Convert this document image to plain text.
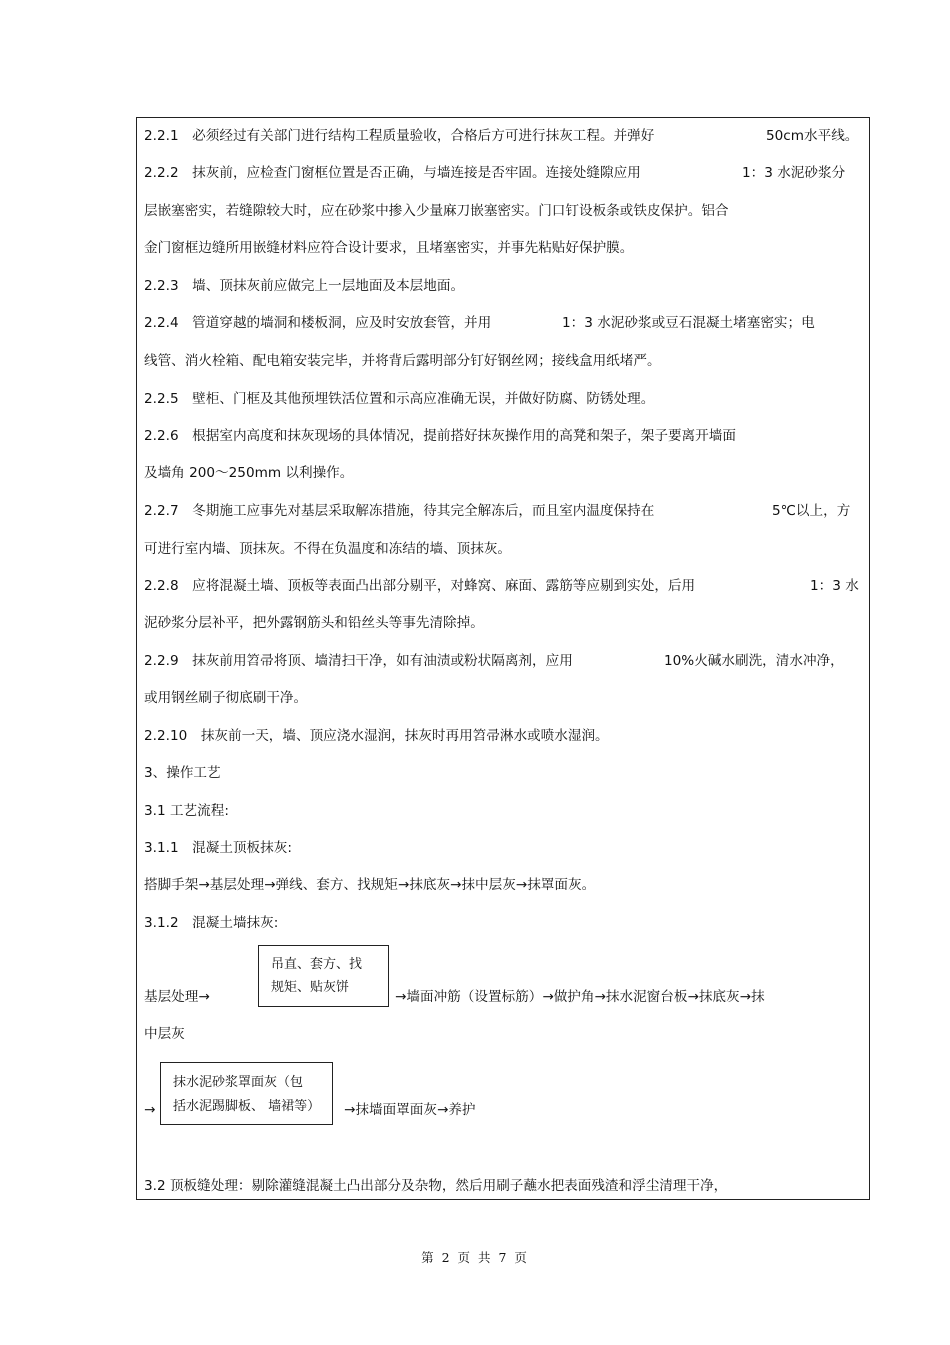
2.2.1　必须经过有关部门进行结构工程质量验收，合格后方可进行抹灰工程。并弹好	50cm水平线。
2.2.2　抹灰前，应检查门窗框位置是否正确，与墙连接是否牢固。连接处缝隙应用	1：3 水泥砂浆分
层嵌塞密实，若缝隙较大时，应在砂浆中掺入少量麻刀嵌塞密实。门口钉设板条或铁皮保护。铝合
金门窗框边缝所用嵌缝材料应符合设计要求，且堵塞密实，并事先粘贴好保护膜。
2.2.3　墙、顶抹灰前应做完上一层地面及本层地面。
2.2.4　管道穿越的墙洞和楼板洞，应及时安放套管，并用	1：3 水泥砂浆或豆石混凝土堵塞密实；电
线管、消火栓箱、配电箱安装完毕，并将背后露明部分钉好钢丝网；接线盒用纸堵严。
2.2.5　壁柜、门框及其他预埋铁活位置和示高应准确无误，并做好防腐、防锈处理。
2.2.6　根据室内高度和抹灰现场的具体情况，提前搭好抹灰操作用的高凳和架子，架子要离开墙面
及墙角 200～250mm 以利操作。
2.2.7　冬期施工应事先对基层采取解冻措施，待其完全解冻后，而且室内温度保持在	5℃以上，方
可进行室内墙、顶抹灰。不得在负温度和冻结的墙、顶抹灰。
2.2.8　应将混凝土墙、顶板等表面凸出部分剔平，对蜂窝、麻面、露筋等应剔到实处，后用	1：3 水
泥砂浆分层补平，把外露钢筋头和铅丝头等事先清除掉。
2.2.9　抹灰前用笤帚将顶、墙清扫干净，如有油渍或粉状隔离剂，应用	10%火碱水刷洗，清水冲净，
或用钢丝刷子彻底刷干净。
2.2.10　抹灰前一天，墙、顶应浇水湿润，抹灰时再用笤帚淋水或喷水湿润。
3、操作工艺
3.1 工艺流程:
3.1.1　混凝土顶板抹灰:
搭脚手架→基层处理→弹线、套方、找规矩→抹底灰→抹中层灰→抹罩面灰。
3.1.2　混凝土墙抹灰:
基层处理→
吊直、套方、找
规矩、贴灰饼
→墙面冲筋（设置标筋）→做护角→抹水泥窗台板→抹底灰→抹
中层灰
→
抹水泥砂浆罩面灰（包
括水泥踢脚板、 墙裙等） →抹墙面罩面灰→养护
3.2 顶板缝处理：剔除灌缝混凝土凸出部分及杂物，然后用刷子蘸水把表面残渣和浮尘清理干净，
第 2 页 共 7 页
